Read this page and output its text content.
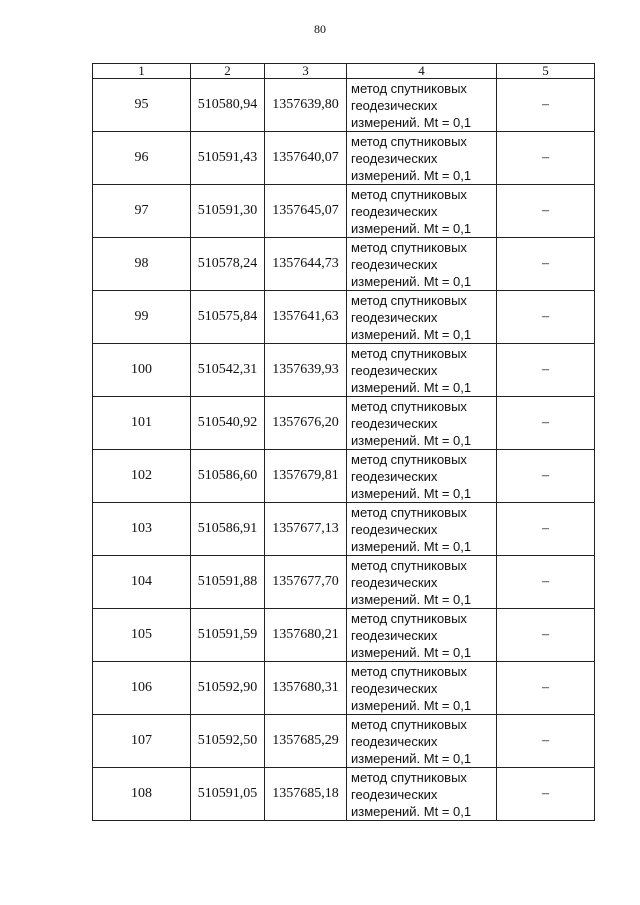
80
1	2	3	4	5
95	510580,94	1357639,80	метод спутниковых
геодезических
измерений. Mt = 0,1	–
96	510591,43	1357640,07	метод спутниковых
геодезических
измерений. Mt = 0,1	–
97	510591,30	1357645,07	метод спутниковых
геодезических
измерений. Mt = 0,1	–
98	510578,24	1357644,73	метод спутниковых
геодезических
измерений. Mt = 0,1	–
99	510575,84	1357641,63	метод спутниковых
геодезических
измерений. Mt = 0,1	–
100	510542,31	1357639,93	метод спутниковых
геодезических
измерений. Mt = 0,1	–
101	510540,92	1357676,20	метод спутниковых
геодезических
измерений. Mt = 0,1	–
102	510586,60	1357679,81	метод спутниковых
геодезических
измерений. Mt = 0,1	–
103	510586,91	1357677,13	метод спутниковых
геодезических
измерений. Mt = 0,1	–
104	510591,88	1357677,70	метод спутниковых
геодезических
измерений. Mt = 0,1	–
105	510591,59	1357680,21	метод спутниковых
геодезических
измерений. Mt = 0,1	–
106	510592,90	1357680,31	метод спутниковых
геодезических
измерений. Mt = 0,1	–
107	510592,50	1357685,29	метод спутниковых
геодезических
измерений. Mt = 0,1	–
108	510591,05	1357685,18	метод спутниковых
геодезических
измерений. Mt = 0,1	–
